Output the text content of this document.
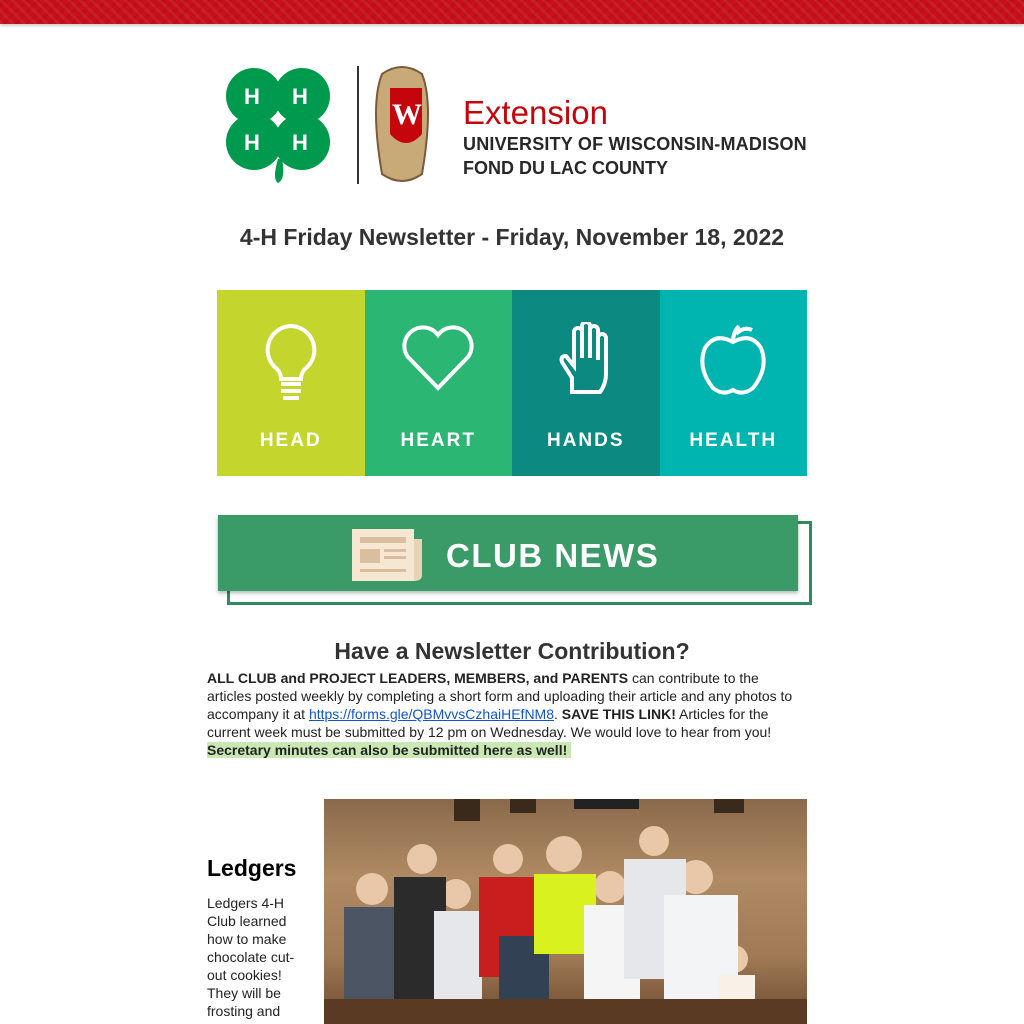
H H
H H
W Extension
UNIVERSITY OF WISCONSIN-MADISON
FOND DU LAC COUNTY
4-H Friday Newsletter - Friday, November 18, 2022
HEAD	HEART	HANDS	HEALTH
CLUB NEWS
Have a Newsletter Contribution?
ALL CLUB and PROJECT LEADERS, MEMBERS, and PARENTS can contribute to the articles posted weekly by completing a short form and uploading their article and any photos to accompany it at https://forms.gle/QBMvvsCzhaiHEfNM8. SAVE THIS LINK! Articles for the current week must be submitted by 12 pm on Wednesday. We would love to hear from you!
Secretary minutes can also be submitted here as well!
Ledgers
Ledgers 4-H Club learned how to make chocolate cut-out cookies! They will be frosting and
